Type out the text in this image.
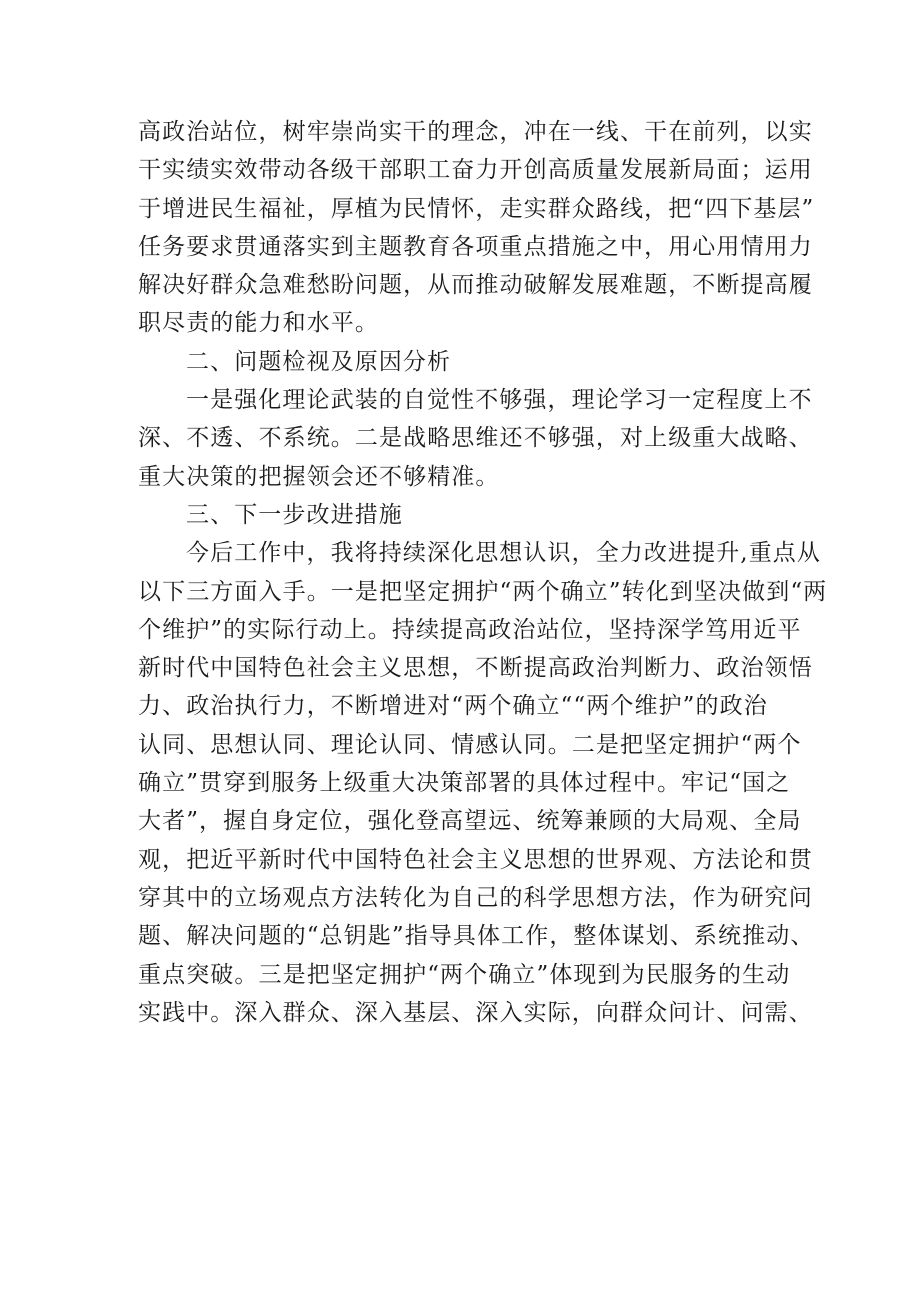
高政治站位，树牢崇尚实干的理念，冲在一线、干在前列，以实
干实绩实效带动各级干部职工奋力开创高质量发展新局面；运用
于增进民生福祉，厚植为民情怀，走实群众路线，把“四下基层”
任务要求贯通落实到主题教育各项重点措施之中，用心用情用力
解决好群众急难愁盼问题，从而推动破解发展难题，不断提高履
职尽责的能力和水平。
二、问题检视及原因分析
一是强化理论武装的自觉性不够强，理论学习一定程度上不
深、不透、不系统。二是战略思维还不够强，对上级重大战略、
重大决策的把握领会还不够精准。
三、下一步改进措施
今后工作中，我将持续深化思想认识，全力改进提升,重点从
以下三方面入手。一是把坚定拥护“两个确立”转化到坚决做到“两
个维护”的实际行动上。持续提高政治站位，坚持深学笃用近平
新时代中国特色社会主义思想，不断提高政治判断力、政治领悟
力、政治执行力，不断增进对“两个确立““两个维护”的政治
认同、思想认同、理论认同、情感认同。二是把坚定拥护“两个
确立”贯穿到服务上级重大决策部署的具体过程中。牢记“国之
大者”，握自身定位，强化登高望远、统筹兼顾的大局观、全局
观，把近平新时代中国特色社会主义思想的世界观、方法论和贯
穿其中的立场观点方法转化为自己的科学思想方法，作为研究问
题、解决问题的“总钥匙”指导具体工作，整体谋划、系统推动、
重点突破。三是把坚定拥护“两个确立”体现到为民服务的生动
实践中。深入群众、深入基层、深入实际，向群众问计、问需、
